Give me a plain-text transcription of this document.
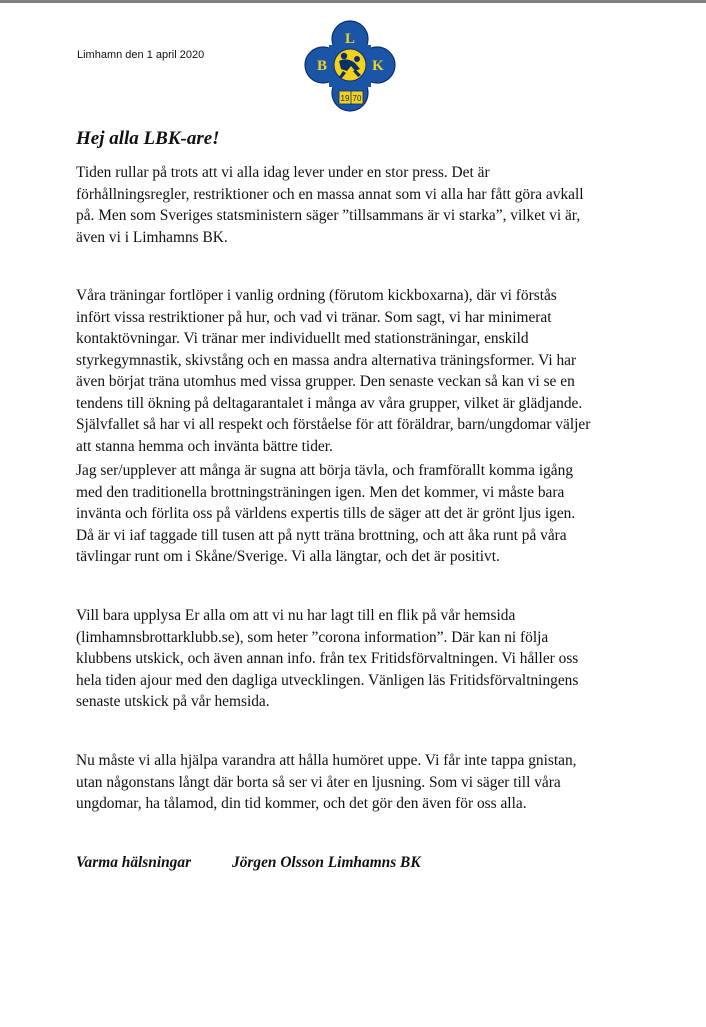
Limhamn den 1 april 2020
L
B	K
19 70
Hej alla LBK-are!
Tiden rullar på trots att vi alla idag lever under en stor press. Det är
förhållningsregler, restriktioner och en massa annat som vi alla har fått göra avkall
på. Men som Sveriges statsministern säger ”tillsammans är vi starka”, vilket vi är,
även vi i Limhamns BK.
Våra träningar fortlöper i vanlig ordning (förutom kickboxarna), där vi förstås
infört vissa restriktioner på hur, och vad vi tränar. Som sagt, vi har minimerat
kontaktövningar. Vi tränar mer individuellt med stationsträningar, enskild
styrkegymnastik, skivstång och en massa andra alternativa träningsformer. Vi har
även börjat träna utomhus med vissa grupper. Den senaste veckan så kan vi se en
tendens till ökning på deltagarantalet i många av våra grupper, vilket är glädjande.
Självfallet så har vi all respekt och förståelse för att föräldrar, barn/ungdomar väljer
att stanna hemma och invänta bättre tider.
Jag ser/upplever att många är sugna att börja tävla, och framförallt komma igång
med den traditionella brottningsträningen igen. Men det kommer, vi måste bara
invänta och förlita oss på världens expertis tills de säger att det är grönt ljus igen.
Då är vi iaf taggade till tusen att på nytt träna brottning, och att åka runt på våra
tävlingar runt om i Skåne/Sverige. Vi alla längtar, och det är positivt.
Vill bara upplysa Er alla om att vi nu har lagt till en flik på vår hemsida
(limhamnsbrottarklubb.se), som heter ”corona information”. Där kan ni följa
klubbens utskick, och även annan info. från tex Fritidsförvaltningen. Vi håller oss
hela tiden ajour med den dagliga utvecklingen. Vänligen läs Fritidsförvaltningens
senaste utskick på vår hemsida.
Nu måste vi alla hjälpa varandra att hålla humöret uppe. Vi får inte tappa gnistan,
utan någonstans långt där borta så ser vi åter en ljusning. Som vi säger till våra
ungdomar, ha tålamod, din tid kommer, och det gör den även för oss alla.
Varma hälsningar	Jörgen Olsson Limhamns BK
